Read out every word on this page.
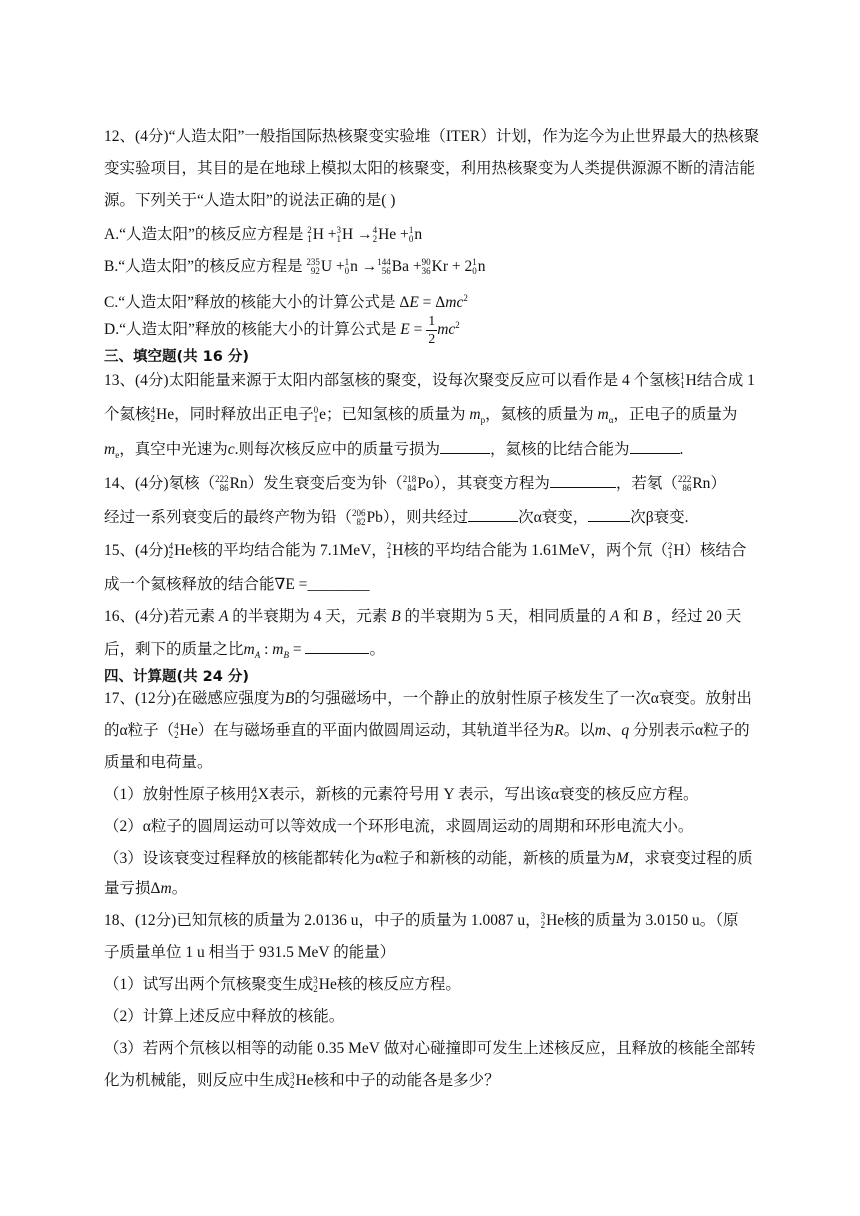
12、(4分)“人造太阳”一般指国际热核聚变实验堆（ITER）计划，作为迄今为止世界最大的热核聚
变实验项目，其目的是在地球上模拟太阳的核聚变，利用热核聚变为人类提供源源不断的清洁能
源。下列关于“人造太阳”的说法正确的是( )
A.“人造太阳”的核反应方程是 2
1 H + 3
1 H → 4
2 He + 1
0 n
B.“人造太阳”的核反应方程是 235
92 U + 1
0 n → 144
56 Ba + 90
36 Kr + 2 1
0 n
C.“人造太阳”释放的核能大小的计算公式是 ΔE = Δmc$^2$
D.“人造太阳”释放的核能大小的计算公式是 $E = \frac{1}{2} mc^2$
三、填空题(共 16 分)
13、(4分)太阳能量来源于太阳内部氢核的聚变，设每次聚变反应可以看作是 4 个氢核 1
1 H结合成 1
个氦核 4
2 He，同时释放出正电子 0
1 e；已知氢核的质量为 $m_p$，氦核的质量为 $m_\alpha$，正电子的质量为
$m_e$，真空中光速为c.则每次核反应中的质量亏损为	，氦核的比结合能为	.
14、(4分)氡核（ 222
86 Rn）发生衰变后变为钋（ 218
84 Po），其衰变方程为	，若氡（ 222
86 Rn）
经过一系列衰变后的最终产物为铅（ 206
82 Pb），则共经过	次α衰变，	次β衰变.
15、(4分) 4
2 He核的平均结合能为 7.1MeV， 2
1 H核的平均结合能为 1.61MeV，两个氘（ 2
1 H）核结合
成一个氦核释放的结合能∇E =________
16、(4分)若元素 A 的半衰期为 4 天，元素 B 的半衰期为 5 天，相同质量的 A 和 B ，经过 20 天
后，剩下的质量之比$m_A$ : $m_B$ =	。
四、计算题(共 24 分)
17、(12分)在磁感应强度为B的匀强磁场中，一个静止的放射性原子核发生了一次α衰变。放射出
的α粒子（ 4
2 He）在与磁场垂直的平面内做圆周运动，其轨道半径为R。以m、q 分别表示α粒子的
质量和电荷量。
（1）放射性原子核用 A
Z X表示，新核的元素符号用 Y 表示，写出该α衰变的核反应方程。
（2）α粒子的圆周运动可以等效成一个环形电流，求圆周运动的周期和环形电流大小。
（3）设该衰变过程释放的核能都转化为α粒子和新核的动能，新核的质量为M，求衰变过程的质
量亏损Δm。
18、(12分)已知氘核的质量为 2.0136 u，中子的质量为 1.0087 u， 3
2 He核的质量为 3.0150 u。（原
子质量单位 1 u 相当于 931.5 MeV 的能量）
（1）试写出两个氘核聚变生成 3
2 He核的核反应方程。
（2）计算上述反应中释放的核能。
（3）若两个氘核以相等的动能 0.35 MeV 做对心碰撞即可发生上述核反应，且释放的核能全部转
化为机械能，则反应中生成 3
2 He核和中子的动能各是多少？
